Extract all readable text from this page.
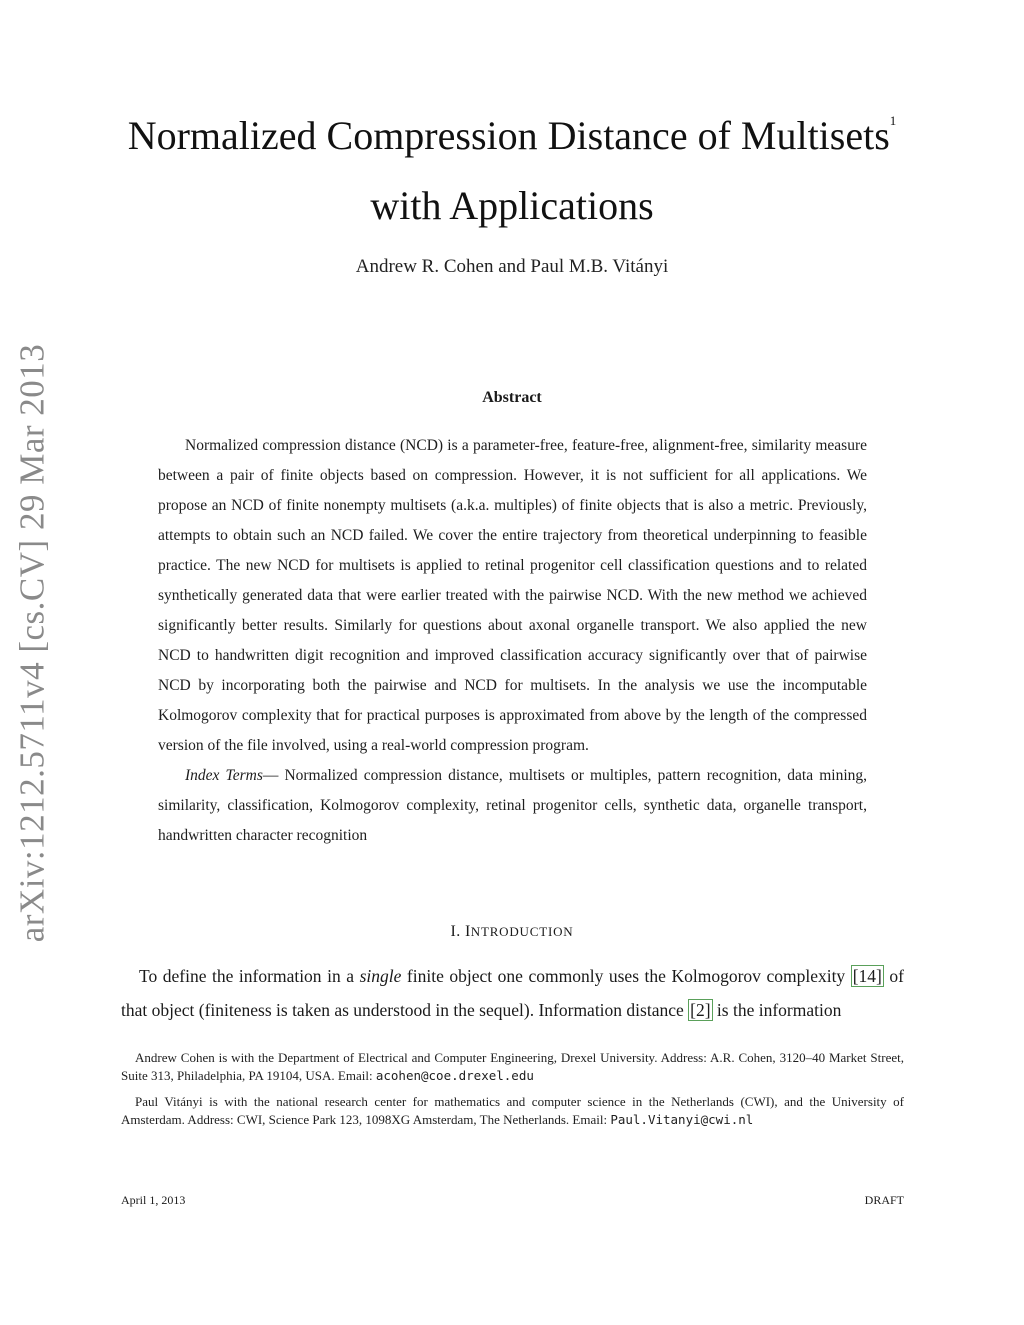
arXiv:1212.5711v4 [cs.CV] 29 Mar 2013
Normalized Compression Distance of Multisets$^1$
with Applications
Andrew R. Cohen and Paul M.B. Vitányi
Abstract

Normalized compression distance (NCD) is a parameter-free, feature-free, alignment-free, similarity measure between a pair of finite objects based on compression. However, it is not sufficient for all applications. We propose an NCD of finite nonempty multisets (a.k.a. multiples) of finite objects that is also a metric. Previously, attempts to obtain such an NCD failed. We cover the entire trajectory from theoretical underpinning to feasible practice. The new NCD for multisets is applied to retinal progenitor cell classification questions and to related synthetically generated data that were earlier treated with the pairwise NCD. With the new method we achieved significantly better results. Similarly for questions about axonal organelle transport. We also applied the new NCD to handwritten digit recognition and improved classification accuracy significantly over that of pairwise NCD by incorporating both the pairwise and NCD for multisets. In the analysis we use the incomputable Kolmogorov complexity that for practical purposes is approximated from above by the length of the compressed version of the file involved, using a real-world compression program.

Index Terms— Normalized compression distance, multisets or multiples, pattern recognition, data mining, similarity, classification, Kolmogorov complexity, retinal progenitor cells, synthetic data, organelle transport, handwritten character recognition

I. INTRODUCTION

To define the information in a single finite object one commonly uses the Kolmogorov complexity [14] of that object (finiteness is taken as understood in the sequel). Information distance [2] is the information

Andrew Cohen is with the Department of Electrical and Computer Engineering, Drexel University. Address: A.R. Cohen, 3120–40 Market Street, Suite 313, Philadelphia, PA 19104, USA. Email: acohen@coe.drexel.edu

Paul Vitányi is with the national research center for mathematics and computer science in the Netherlands (CWI), and the University of Amsterdam. Address: CWI, Science Park 123, 1098XG Amsterdam, The Netherlands. Email: Paul.Vitanyi@cwi.nl

April 1, 2013	DRAFT
